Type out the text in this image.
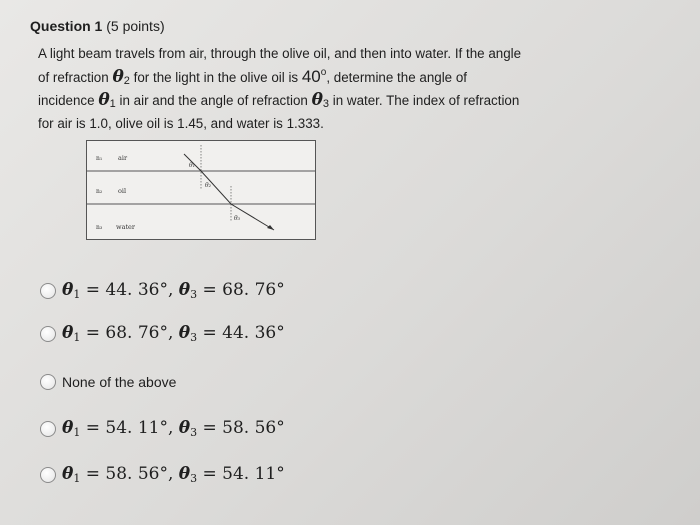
Question 1 (5 points)
A light beam travels from air, through the olive oil, and then into water. If the angle
of refraction θ2 for the light in the olive oil is 40$^o$, determine the angle of
incidence θ1 in air and the angle of refraction θ3 in water. The index of refraction
for air is 1.0, olive oil is 1.45, and water is 1.333.
n₁ air
n₂ oil
n₃ water
θ₁
θ₂
θ₃
θ1 = 44. 36°, θ3 = 68. 76°
θ1 = 68. 76°, θ3 = 44. 36°
None of the above
θ1 = 54. 11°, θ3 = 58. 56°
θ1 = 58. 56°, θ3 = 54. 11°
